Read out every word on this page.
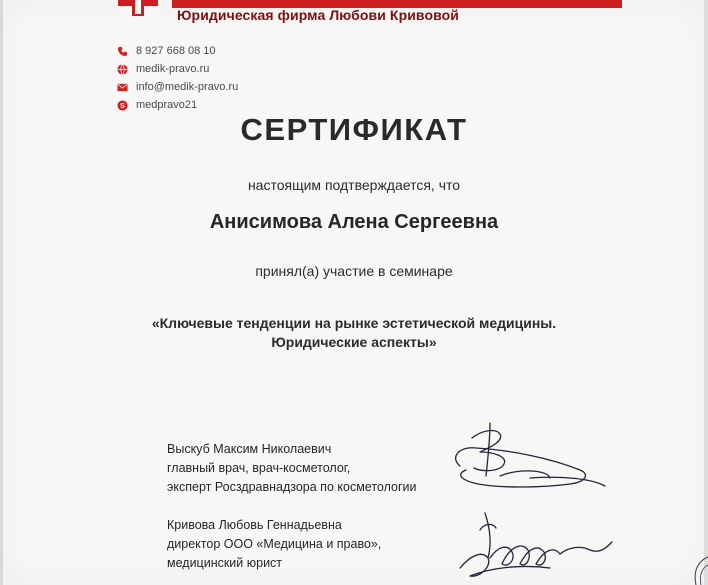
Юридическая фирма Любови Кривовой
8 927 668 08 10
medik-pravo.ru
info@medik-pravo.ru
S medpravo21
СЕРТИФИКАТ
настоящим подтверждается, что
Анисимова Алена Сергеевна
принял(а) участие в семинаре
«Ключевые тенденции на рынке эстетической медицины.
Юридические аспекты»
Выскуб Максим Николаевич
главный врач, врач-косметолог,
эксперт Росздравнадзора по косметологии
Кривова Любовь Геннадьевна
директор ООО «Медицина и право»,
медицинский юрист
